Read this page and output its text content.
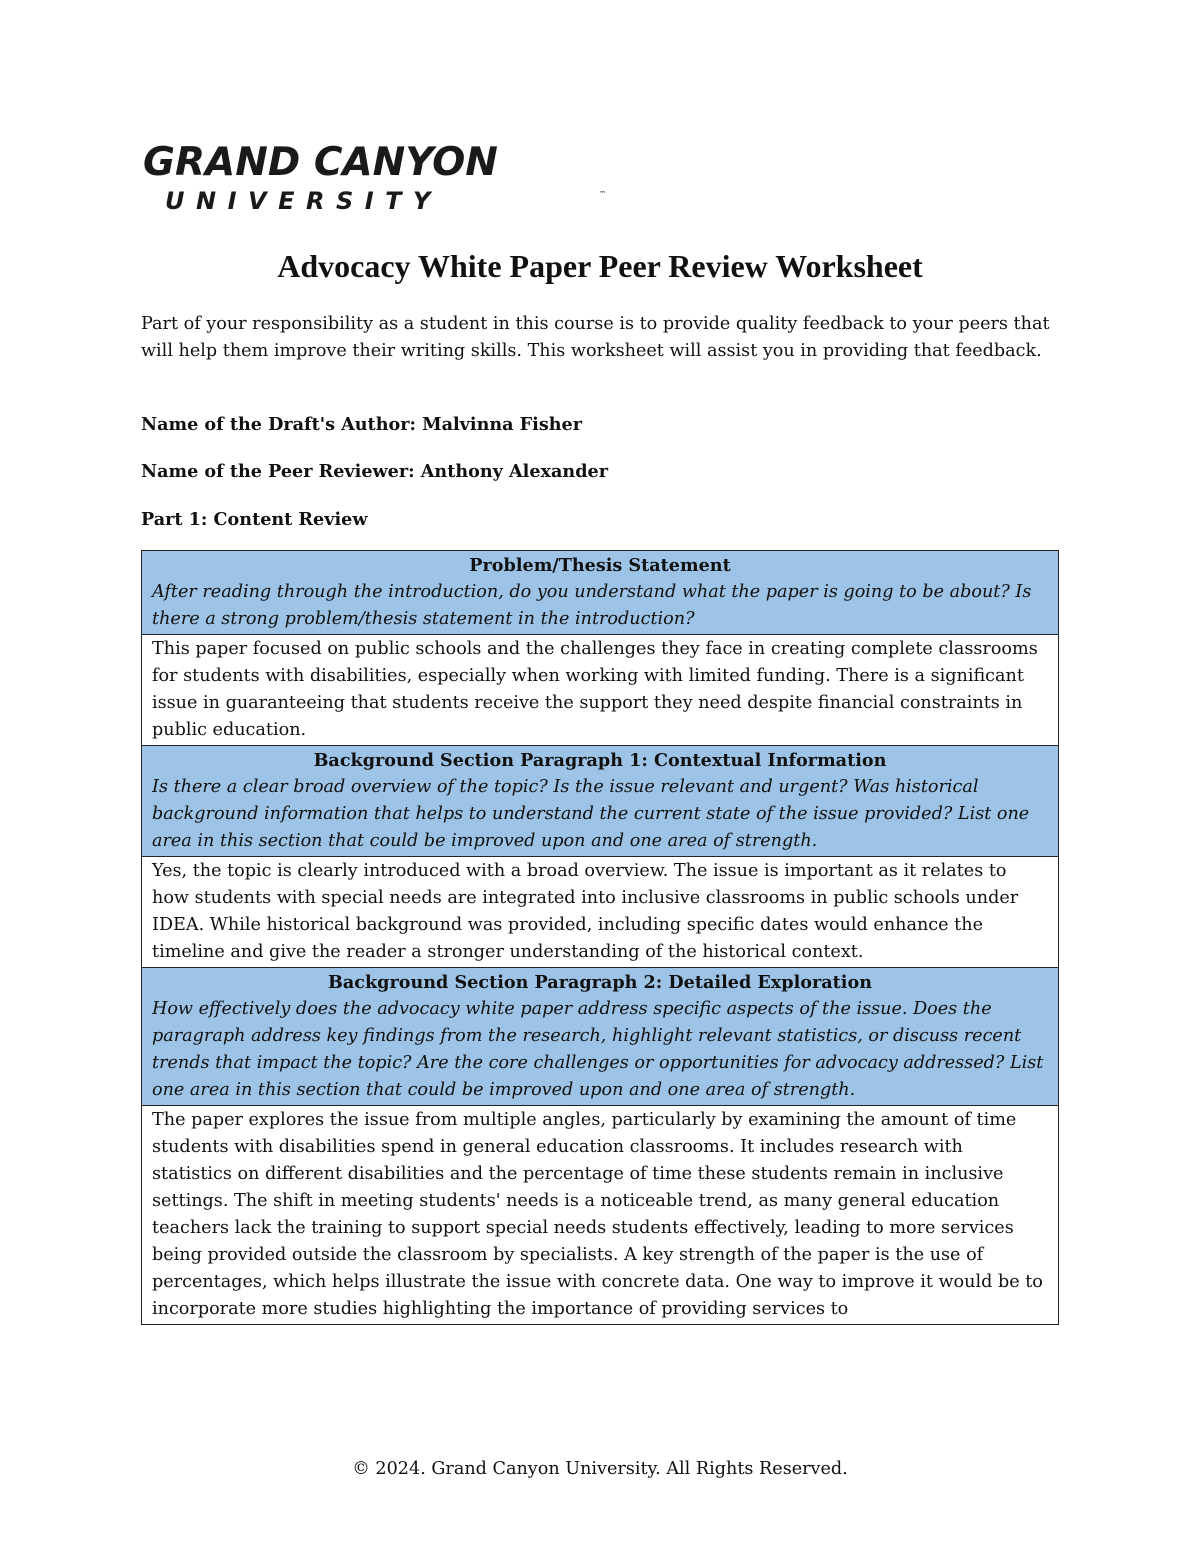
GRAND CANYON
UNIVERSITY	™
Advocacy White Paper Peer Review Worksheet

Part of your responsibility as a student in this course is to provide quality feedback to your peers that will help them improve their writing skills. This worksheet will assist you in providing that feedback.

Name of the Draft's Author: Malvinna Fisher

Name of the Peer Reviewer: Anthony Alexander

Part 1: Content Review

Problem/Thesis Statement
After reading through the introduction, do you understand what the paper is going to be about? Is there a strong problem/thesis statement in the introduction?

This paper focused on public schools and the challenges they face in creating complete classrooms for students with disabilities, especially when working with limited funding. There is a significant issue in guaranteeing that students receive the support they need despite financial constraints in public education.

Background Section Paragraph 1: Contextual Information
Is there a clear broad overview of the topic? Is the issue relevant and urgent? Was historical background information that helps to understand the current state of the issue provided? List one area in this section that could be improved upon and one area of strength.

Yes, the topic is clearly introduced with a broad overview. The issue is important as it relates to how students with special needs are integrated into inclusive classrooms in public schools under IDEA. While historical background was provided, including specific dates would enhance the timeline and give the reader a stronger understanding of the historical context.

Background Section Paragraph 2: Detailed Exploration
How effectively does the advocacy white paper address specific aspects of the issue. Does the paragraph address key findings from the research, highlight relevant statistics, or discuss recent trends that impact the topic? Are the core challenges or opportunities for advocacy addressed? List one area in this section that could be improved upon and one area of strength.

The paper explores the issue from multiple angles, particularly by examining the amount of time students with disabilities spend in general education classrooms. It includes research with statistics on different disabilities and the percentage of time these students remain in inclusive settings. The shift in meeting students' needs is a noticeable trend, as many general education teachers lack the training to support special needs students effectively, leading to more services being provided outside the classroom by specialists. A key strength of the paper is the use of percentages, which helps illustrate the issue with concrete data. One way to improve it would be to incorporate more studies highlighting the importance of providing services to

© 2024. Grand Canyon University. All Rights Reserved.
